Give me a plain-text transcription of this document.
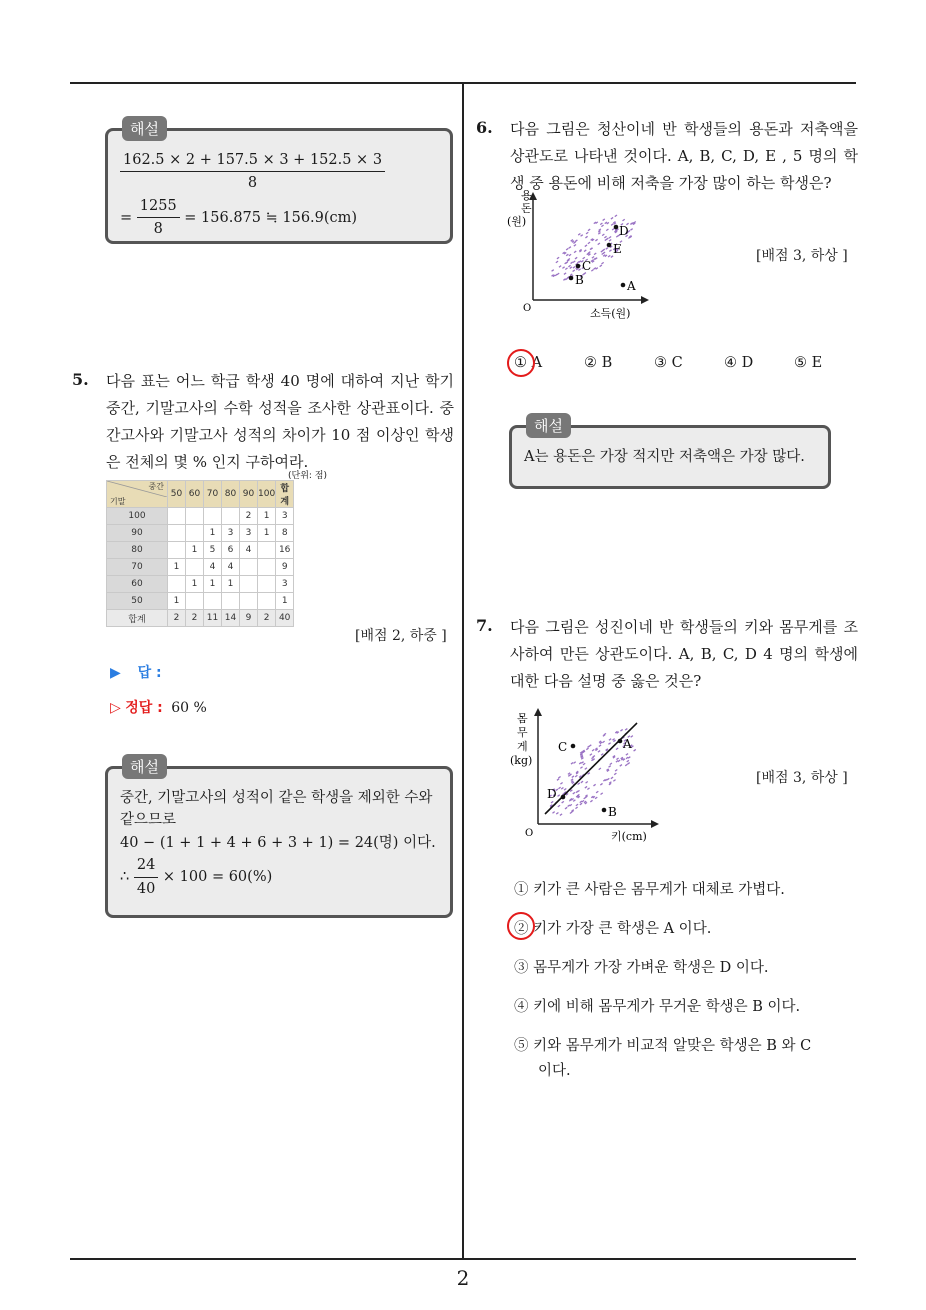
2
해설
$\frac{162.5 \times 2 + 157.5 \times 3 + 152.5 \times 3}{8}$
= $\frac{1255}{8} = 156.875$ ≒ 156.9(cm)
5. 다음 표는 어느 학급 학생 40 명에 대하여 지난 학기 중간, 기말고사의 수학 성적을 조사한 상관표이다. 중간고사와 기말고사 성적의 차이가 10 점 이상인 학생은 전체의 몇 % 인지 구하여라.
(단위: 점)
중간
기말	50	60	70	80	90	100	합계
100					2	1	3
90			1	3	3	1	8
80		1	5	6	4		16
70	1		4	4			9
60		1	1	1			3
50	1						1
합계	2	2	11	14	9	2	40
[배점 2, 하중 ]
▶ 답 :
▷ 정답 : 60 %
해설
중간, 기말고사의 성적이 같은 학생을 제외한 수와
같으므로
40 − (1 + 1 + 4 + 6 + 3 + 1) = 24(명) 이다.
∴ $\frac{24}{40} \times 100 = 60(\%)$
6. 다음 그림은 청산이네 반 학생들의 용돈과 저축액을 상관도로 나타낸 것이다. A, B, C, D, E , 5 명의 학생 중 용돈에 비해 저축을 가장 많이 하는 학생은?
용
돈
(원)
O	소득(원)
D
E
C
B	A
[배점 3, 하상 ]
① A	② B	③ C	④ D	⑤ E
해설
A는 용돈은 가장 적지만 저축액은 가장 많다.
7. 다음 그림은 성진이네 반 학생들의 키와 몸무게를 조사하여 만든 상관도이다. A, B, C, D 4 명의 학생에 대한 다음 설명 중 옳은 것은?
몸
무
게
(kg)
O	키(cm)
C	A
D
B
[배점 3, 하상 ]
① 키가 큰 사람은 몸무게가 대체로 가볍다.
② 키가 가장 큰 학생은 A 이다.
③ 몸무게가 가장 가벼운 학생은 D 이다.
④ 키에 비해 몸무게가 무거운 학생은 B 이다.
⑤ 키와 몸무게가 비교적 알맞은 학생은 B 와 C
이다.
